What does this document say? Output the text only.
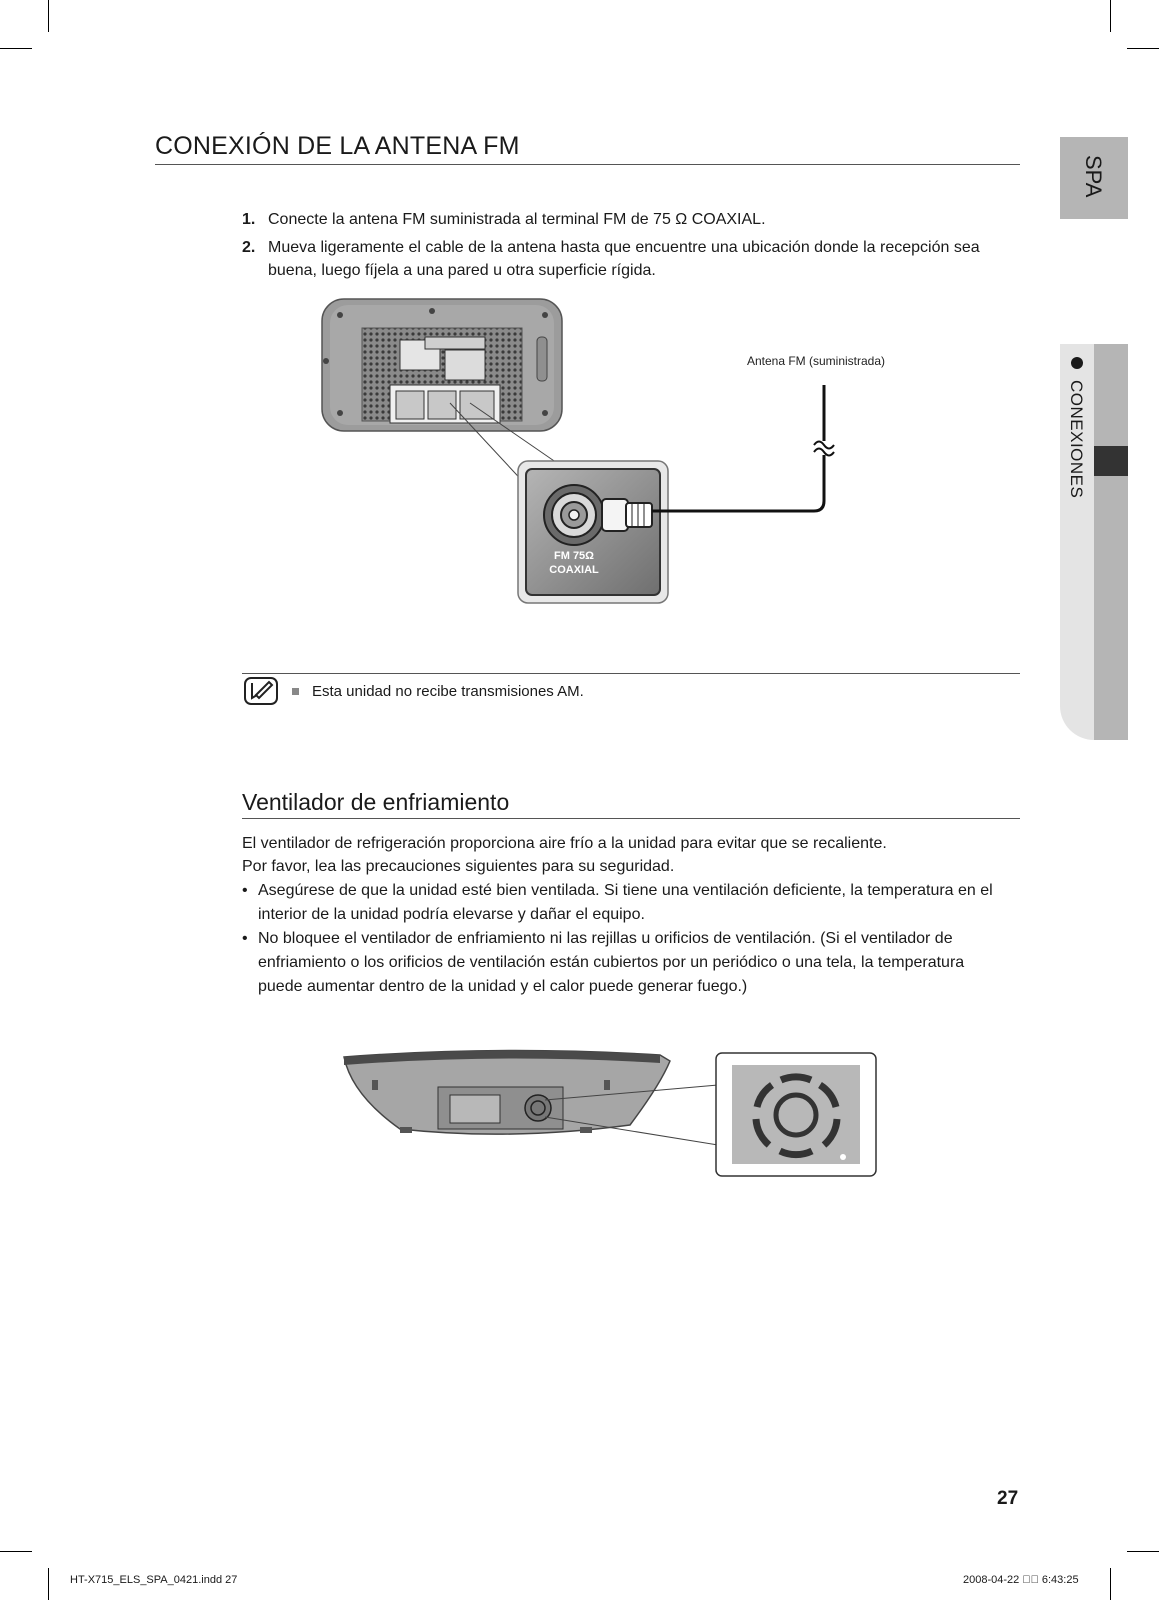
CONEXIÓN DE LA ANTENA FM
SPA
CONEXIONES
1. Conecte la antena FM suministrada al terminal FM de 75 Ω COAXIAL.
2. Mueva ligeramente el cable de la antena hasta que encuentre una ubicación donde la recepción sea buena, luego fíjela a una pared u otra superficie rígida.
Antena FM (suministrada)
FM 75Ω
COAXIAL
Esta unidad no recibe transmisiones AM.
Ventilador de enfriamiento
El ventilador de refrigeración proporciona aire frío a la unidad para evitar que se recaliente.
Por favor, lea las precauciones siguientes para su seguridad.
• Asegúrese de que la unidad esté bien ventilada. Si tiene una ventilación deficiente, la temperatura en el interior de la unidad podría elevarse y dañar el equipo.
• No bloquee el ventilador de enfriamiento ni las rejillas u orificios de ventilación. (Si el ventilador de enfriamiento o los orificios de ventilación están cubiertos por un periódico o una tela, la temperatura puede aumentar dentro de la unidad y el calor puede generar fuego.)
27
HT-X715_ELS_SPA_0421.indd 27	2008-04-22 ￿￿ 6:43:25
